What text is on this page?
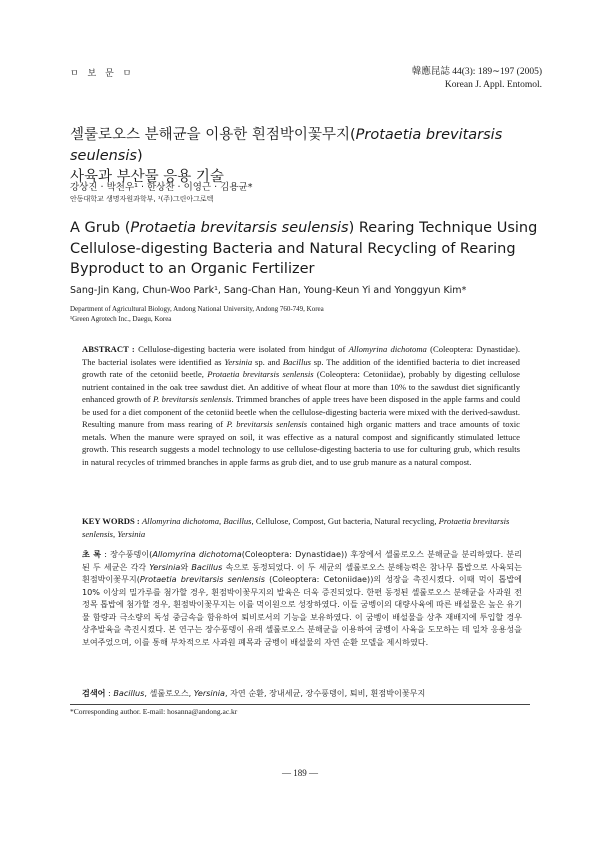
ㅁ 보 문 ㅁ	韓應昆誌 44(3): 189∼197 (2005)
Korean J. Appl. Entomol.
셀룰로오스 분해균을 이용한 흰점박이꽃무지(Protaetia brevitarsis seulensis)
사육과 부산물 응용 기술
강상진 · 박천우¹ · 한상찬 · 이영근 · 김용균*
안동대학교 생명자원과학부, ¹(주)그린아그로텍
A Grub (Protaetia brevitarsis seulensis) Rearing Technique Using Cellulose-digesting Bacteria and Natural Recycling of Rearing Byproduct to an Organic Fertilizer
Sang-Jin Kang, Chun-Woo Park¹, Sang-Chan Han, Young-Keun Yi and Yonggyun Kim*
Department of Agricultural Biology, Andong National University, Andong 760-749, Korea
¹Green Agrotech Inc., Daegu, Korea
ABSTRACT : Cellulose-digesting bacteria were isolated from hindgut of Allomyrina dichotoma (Coleoptera: Dynastidae). The bacterial isolates were identified as Yersinia sp. and Bacillus sp. The addition of the identified bacteria to diet increased growth rate of the cetoniid beetle, Protaetia brevitarsis senlensis (Coleoptera: Cetoniidae), probably by digesting cellulose nutrient contained in the oak tree sawdust diet. An additive of wheat flour at more than 10% to the sawdust diet significantly enhanced growth of P. brevitarsis senlensis. Trimmed branches of apple trees have been disposed in the apple farms and could be used for a diet component of the cetoniid beetle when the cellulose-digesting bacteria were mixed with the derived-sawdust. Resulting manure from mass rearing of P. brevitarsis senlensis contained high organic matters and trace amounts of toxic metals. When the manure were sprayed on soil, it was effective as a natural compost and significantly stimulated lettuce growth. This research suggests a model technology to use cellulose-digesting bacteria to use for culturing grub, which results in natural recycles of trimmed branches in apple farms as grub diet, and to use grub manure as a natural compost.
KEY WORDS : Allomyrina dichotoma, Bacillus, Cellulose, Compost, Gut bacteria, Natural recycling, Protaetia brevitarsis senlensis, Yersinia
초 록 : 장수풍뎅이(Allomyrina dichotoma(Coleoptera: Dynastidae)) 후장에서 셀룰로오스 분해균을 분리하였다. 분리된 두 세균은 각각 Yersinia와 Bacillus 속으로 동정되었다. 이 두 세균의 셀룰로오스 분해능력은 참나무 톱밥으로 사육되는 흰점박이꽃무지(Protaetia brevitarsis senlensis (Coleoptera: Cetoniidae))의 성장을 촉진시켰다. 이때 먹이 톱밥에 10% 이상의 밀가루를 첨가할 경우, 흰점박이꽃무지의 발육은 더욱 증진되었다. 한편 동정된 셀룰로오스 분해균을 사과원 전정목 톱밥에 첨가할 경우, 흰점박이꽃무지는 이를 먹이원으로 성장하였다. 이들 굼벵이의 대량사육에 따른 배설물은 높은 유기물 함량과 극소량의 독성 중금속을 함유하여 퇴비로서의 기능을 보유하였다. 이 굼벵이 배설물을 상추 재배지에 투입할 경우 상추발육을 촉진시켰다. 본 연구는 장수풍뎅이 유래 셀룰로오스 분해균을 이용하여 굼벵이 사육을 도모하는 데 일차 응용성을 보여주었으며, 이를 통해 부차적으로 사과원 폐목과 굼벵이 배설물의 자연 순환 모델을 제시하였다.
검색어 : Bacillus, 셀룰로오스, Yersinia, 자연 순환, 장내세균, 장수풍뎅이, 퇴비, 흰점박이꽃무지
*Corresponding author. E-mail: hosanna@andong.ac.kr
— 189 —
